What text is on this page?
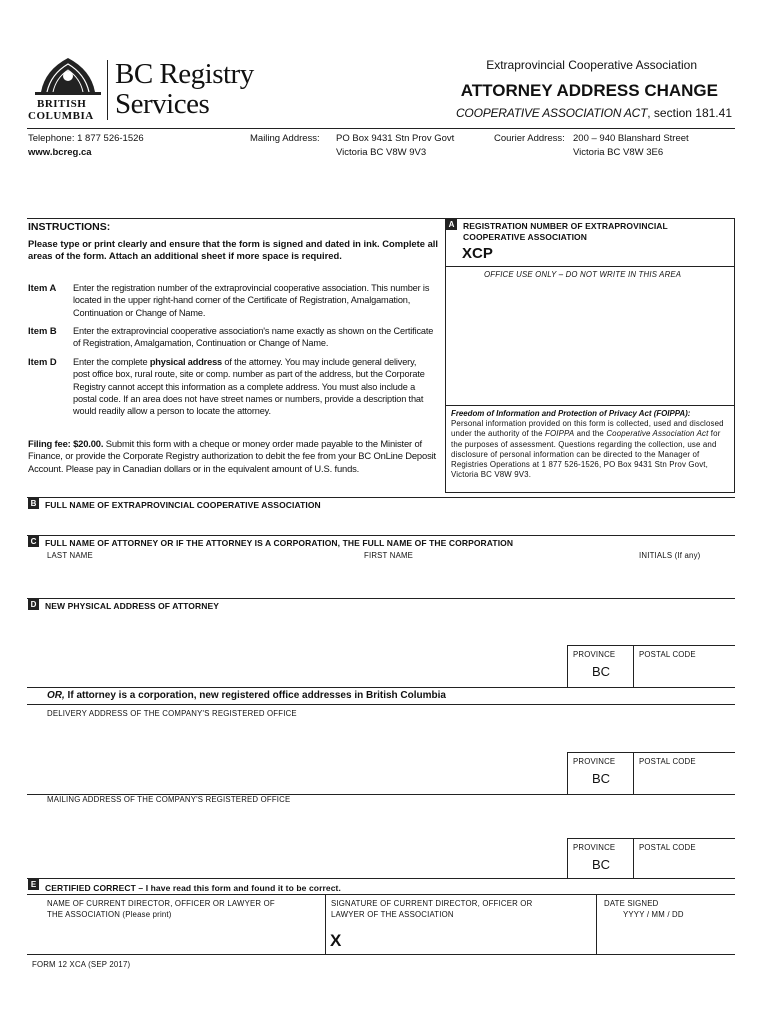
BRITISH
COLUMBIA
BC Registry
Services
Extraprovincial Cooperative Association
ATTORNEY ADDRESS CHANGE
COOPERATIVE ASSOCIATION ACT, section 181.41
Telephone: 1 877 526-1526
www.bcreg.ca
Mailing Address: PO Box 9431 Stn Prov Govt
Victoria BC V8W 9V3
Courier Address: 200 – 940 Blanshard Street
Victoria BC V8W 3E6
INSTRUCTIONS:
Please type or print clearly and ensure that the form is signed and dated in ink. Complete all areas of the form. Attach an additional sheet if more space is required.
Item A Enter the registration number of the extraprovincial cooperative association. This number is located in the upper right-hand corner of the Certificate of Registration, Amalgamation, Continuation or Change of Name.
Item B Enter the extraprovincial cooperative association's name exactly as shown on the Certificate of Registration, Amalgamation, Continuation or Change of Name.
Item D Enter the complete physical address of the attorney. You may include general delivery, post office box, rural route, site or comp. number as part of the address, but the Corporate Registry cannot accept this information as a complete address. You must also include a postal code. If an area does not have street names or numbers, provide a description that would readily allow a person to locate the attorney.
Filing fee: $20.00. Submit this form with a cheque or money order made payable to the Minister of Finance, or provide the Corporate Registry authorization to debit the fee from your BC OnLine Deposit Account. Please pay in Canadian dollars or in the equivalent amount of U.S. funds.
A	REGISTRATION NUMBER OF EXTRAPROVINCIAL
COOPERATIVE ASSOCIATION
XCP
OFFICE USE ONLY – DO NOT WRITE IN THIS AREA
Freedom of Information and Protection of Privacy Act (FOIPPA):
Personal information provided on this form is collected, used and disclosed under the authority of the FOIPPA and the Cooperative Association Act for the purposes of assessment. Questions regarding the collection, use and disclosure of personal information can be directed to the Manager of Registries Operations at 1 877 526-1526, PO Box 9431 Stn Prov Govt, Victoria BC V8W 9V3.
B	FULL NAME OF EXTRAPROVINCIAL COOPERATIVE ASSOCIATION
C	FULL NAME OF ATTORNEY OR IF THE ATTORNEY IS A CORPORATION, THE FULL NAME OF THE CORPORATION
LAST NAME	FIRST NAME	INITIALS (If any)
D	NEW PHYSICAL ADDRESS OF ATTORNEY
PROVINCE	POSTAL CODE
BC
OR, If attorney is a corporation, new registered office addresses in British Columbia
DELIVERY ADDRESS OF THE COMPANY'S REGISTERED OFFICE
PROVINCE	POSTAL CODE
BC
MAILING ADDRESS OF THE COMPANY'S REGISTERED OFFICE
PROVINCE	POSTAL CODE
BC
E	CERTIFIED CORRECT – I have read this form and found it to be correct.
NAME OF CURRENT DIRECTOR, OFFICER OR LAWYER OF
THE ASSOCIATION (Please print)
SIGNATURE OF CURRENT DIRECTOR, OFFICER OR
LAWYER OF THE ASSOCIATION
X
DATE SIGNED
YYYY / MM / DD
FORM 12 XCA (SEP 2017)
